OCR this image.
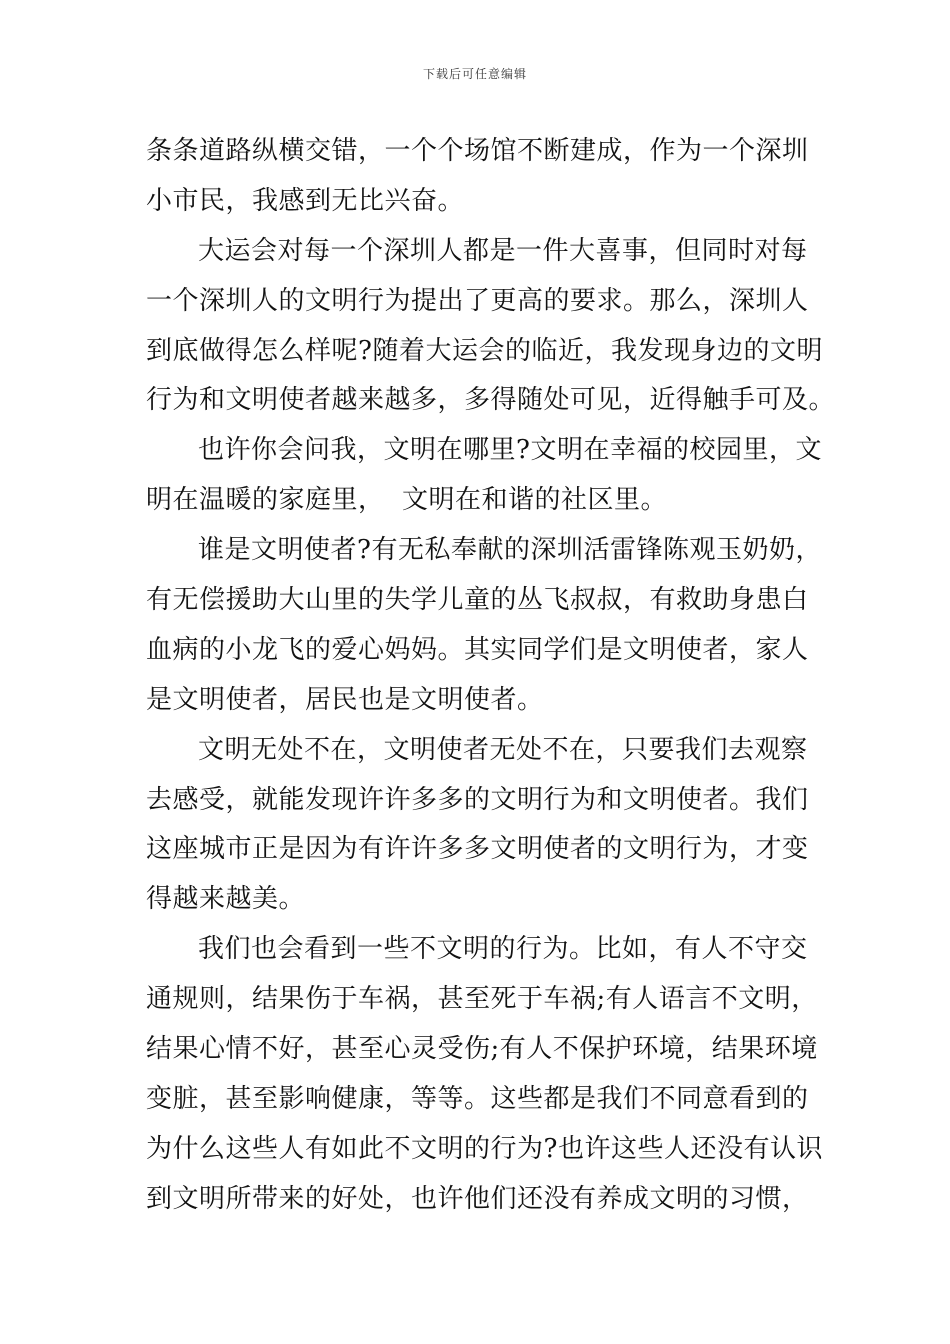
下载后可任意编辑
条条道路纵横交错，一个个场馆不断建成，作为一个深圳
小市民，我感到无比兴奋。
大运会对每一个深圳人都是一件大喜事，但同时对每
一个深圳人的文明行为提出了更高的要求。那么，深圳人
到底做得怎么样呢?随着大运会的临近，我发现身边的文明
行为和文明使者越来越多，多得随处可见，近得触手可及。
也许你会问我，文明在哪里?文明在幸福的校园里，文
明在温暖的家庭里，  文明在和谐的社区里。
谁是文明使者?有无私奉献的深圳活雷锋陈观玉奶奶，
有无偿援助大山里的失学儿童的丛飞叔叔，有救助身患白
血病的小龙飞的爱心妈妈。其实同学们是文明使者，家人
是文明使者，居民也是文明使者。
文明无处不在，文明使者无处不在，只要我们去观察
去感受，就能发现许许多多的文明行为和文明使者。我们
这座城市正是因为有许许多多文明使者的文明行为，才变
得越来越美。
我们也会看到一些不文明的行为。比如，有人不守交
通规则，结果伤于车祸，甚至死于车祸;有人语言不文明，
结果心情不好，甚至心灵受伤;有人不保护环境，结果环境
变脏，甚至影响健康，等等。这些都是我们不同意看到的
为什么这些人有如此不文明的行为?也许这些人还没有认识
到文明所带来的好处，也许他们还没有养成文明的习惯，
